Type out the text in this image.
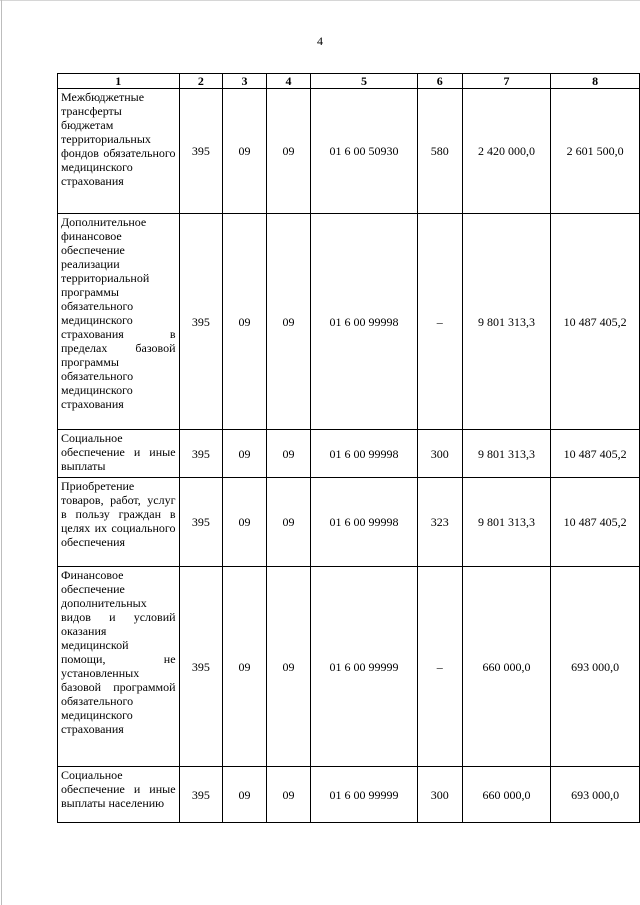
4
1	2	3	4	5	6	7	8
Межбюджетные трансферты бюджетам территориальных фондов обязательного медицинского страхования	395	09	09	01 6 00 50930	580	2 420 000,0	2 601 500,0
Дополнительное финансовое обеспечение реализации территориальной программы обязательного медицинского страхования в пределах базовой программы обязательного медицинского страхования	395	09	09	01 6 00 99998	–	9 801 313,3	10 487 405,2
Социальное обеспечение и иные выплаты	395	09	09	01 6 00 99998	300	9 801 313,3	10 487 405,2
Приобретение товаров, работ, услуг в пользу граждан в целях их социального обеспечения	395	09	09	01 6 00 99998	323	9 801 313,3	10 487 405,2
Финансовое обеспечение дополнительных видов и условий оказания медицинской помощи, не установленных базовой программой обязательного медицинского страхования	395	09	09	01 6 00 99999	–	660 000,0	693 000,0
Социальное обеспечение и иные выплаты населению	395	09	09	01 6 00 99999	300	660 000,0	693 000,0
